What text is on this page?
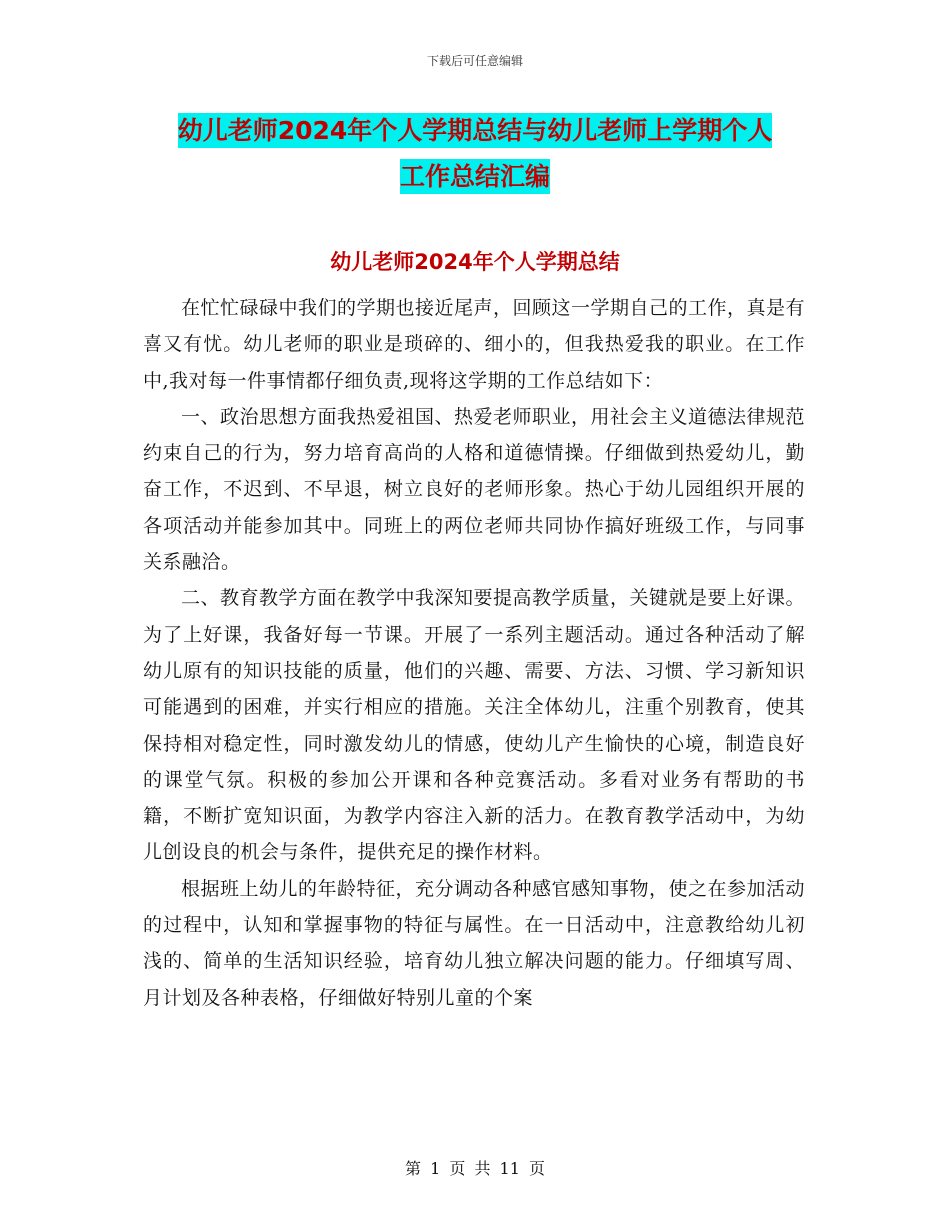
下载后可任意编辑
幼儿老师2024年个人学期总结与幼儿老师上学期个人
工作总结汇编
幼儿老师2024年个人学期总结

在忙忙碌碌中我们的学期也接近尾声，回顾这一学期自己的工作，真是有喜又有忧。幼儿老师的职业是琐碎的、细小的，但我热爱我的职业。在工作中,我对每一件事情都仔细负责,现将这学期的工作总结如下：

一、政治思想方面我热爱祖国、热爱老师职业，用社会主义道德法律规范约束自己的行为，努力培育高尚的人格和道德情操。仔细做到热爱幼儿，勤奋工作，不迟到、不早退，树立良好的老师形象。热心于幼儿园组织开展的各项活动并能参加其中。同班上的两位老师共同协作搞好班级工作，与同事关系融洽。

二、教育教学方面在教学中我深知要提高教学质量，关键就是要上好课。为了上好课，我备好每一节课。开展了一系列主题活动。通过各种活动了解幼儿原有的知识技能的质量，他们的兴趣、需要、方法、习惯、学习新知识可能遇到的困难，并实行相应的措施。关注全体幼儿，注重个别教育，使其保持相对稳定性，同时激发幼儿的情感，使幼儿产生愉快的心境，制造良好的课堂气氛。积极的参加公开课和各种竞赛活动。多看对业务有帮助的书籍，不断扩宽知识面，为教学内容注入新的活力。在教育教学活动中，为幼儿创设良的机会与条件，提供充足的操作材料。

根据班上幼儿的年龄特征，充分调动各种感官感知事物，使之在参加活动的过程中，认知和掌握事物的特征与属性。在一日活动中，注意教给幼儿初浅的、简单的生活知识经验，培育幼儿独立解决问题的能力。仔细填写周、月计划及各种表格，仔细做好特别儿童的个案

第 1 页 共 11 页
